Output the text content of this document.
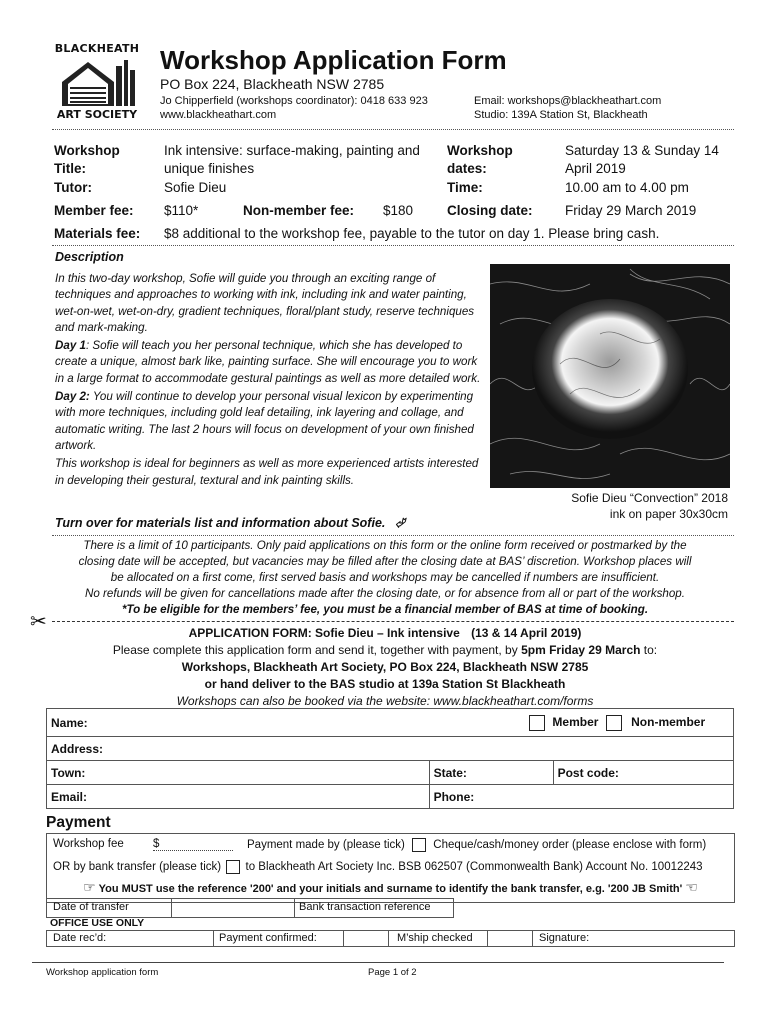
BLACKHEATH
ART SOCIETY
Workshop Application Form
PO Box 224, Blackheath NSW 2785
Jo Chipperfield (workshops coordinator): 0418 633 923
www.blackheathart.com
Email: workshops@blackheathart.com
Studio: 139A Station St, Blackheath
Workshop Title:
Ink intensive: surface-making, painting and unique finishes
Workshop dates:
Saturday 13 & Sunday 14 April 2019
Tutor:	Sofie Dieu	Time:	10.00 am to 4.00 pm
Member fee: $110*	Non-member fee: $180	Closing date: Friday 29 March 2019
Materials fee: $8 additional to the workshop fee, payable to the tutor on day 1. Please bring cash.
Description

In this two-day workshop, Sofie will guide you through an exciting range of techniques and approaches to working with ink, including ink and water painting, wet-on-wet, wet-on-dry, gradient techniques, floral/plant study, reserve techniques and mark-making.

Day 1: Sofie will teach you her personal technique, which she has developed to create a unique, almost bark like, painting surface. She will encourage you to work in a large format to accommodate gestural paintings as well as more detailed work.

Day 2: You will continue to develop your personal visual lexicon by experimenting with more techniques, including gold leaf detailing, ink layering and collage, and automatic writing. The last 2 hours will focus on development of your own finished artwork.

This workshop is ideal for beginners as well as more experienced artists interested in developing their gestural, textural and ink painting skills.

Turn over for materials list and information about Sofie. ⮰
Sofie Dieu “Convection” 2018
ink on paper 30x30cm
There is a limit of 10 participants. Only paid applications on this form or the online form received or postmarked by the
closing date will be accepted, but vacancies may be filled after the closing date at BAS’ discretion. Workshop places will
be allocated on a first come, first served basis and workshops may be cancelled if numbers are insufficient.
No refunds will be given for cancellations made after the closing date, or for absence from all or part of the workshop.
*To be eligible for the members’ fee, you must be a financial member of BAS at time of booking.
✂	APPLICATION FORM: Sofie Dieu – Ink intensive (13 & 14 April 2019)
Please complete this application form and send it, together with payment, by 5pm Friday 29 March to:
Workshops, Blackheath Art Society, PO Box 224, Blackheath NSW 2785
or hand deliver to the BAS studio at 139a Station St Blackheath
Workshops can also be booked via the website: www.blackheathart.com/forms
Name:	Member Non-member	
Address:		
Town:	State:	Post code:
Email:	Phone:	
Payment
Workshop fee	$	Payment made by (please tick) Cheque/cash/money order (please enclose with form)
OR by bank transfer (please tick) to Blackheath Art Society Inc. BSB 062507 (Commonwealth Bank) Account No. 10012243
☞ You MUST use the reference '200' and your initials and surname to identify the bank transfer, e.g. '200 JB Smith' ☜
Date of transfer	Bank transaction reference
OFFICE USE ONLY
Date rec’d:	Payment confirmed:	M’ship checked	Signature:
Workshop application form	Page 1 of 2
